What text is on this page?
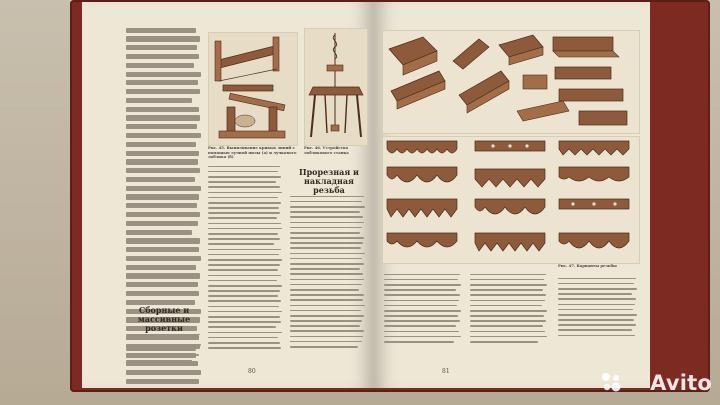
Сборные и массивные розетки
80
Рис. 45. Выпиливание кривых линий с помощью лучной пилы (а) и лучкового лобзика (б)
Рис. 46. Устройство лобзикового станка
Прорезная и накладная резьба
Рис. 47. Варианты резьбы
81	Avito
